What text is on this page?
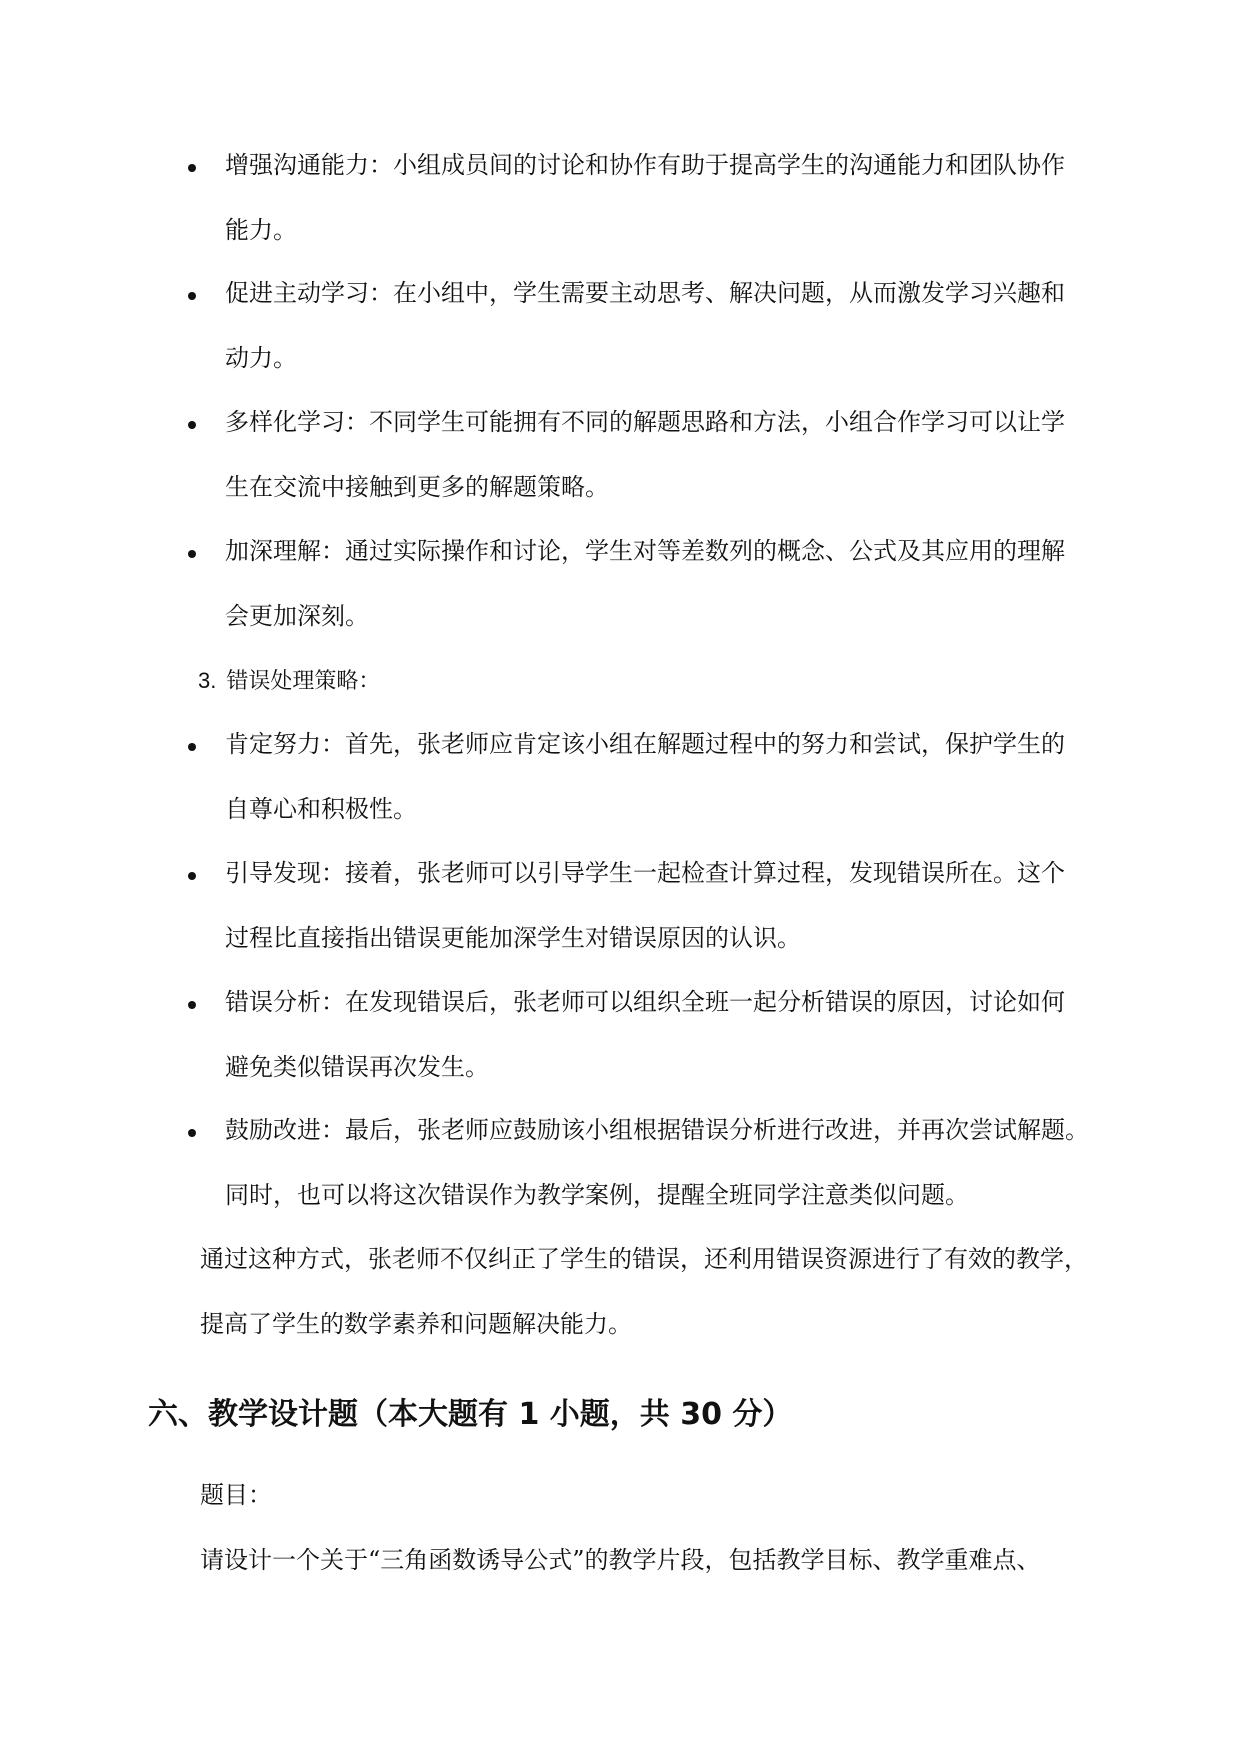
增强沟通能力：小组成员间的讨论和协作有助于提高学生的沟通能力和团队协作
能力。
促进主动学习：在小组中，学生需要主动思考、解决问题，从而激发学习兴趣和
动力。
多样化学习：不同学生可能拥有不同的解题思路和方法，小组合作学习可以让学
生在交流中接触到更多的解题策略。
加深理解：通过实际操作和讨论，学生对等差数列的概念、公式及其应用的理解
会更加深刻。
3. 错误处理策略：
肯定努力：首先，张老师应肯定该小组在解题过程中的努力和尝试，保护学生的
自尊心和积极性。
引导发现：接着，张老师可以引导学生一起检查计算过程，发现错误所在。这个
过程比直接指出错误更能加深学生对错误原因的认识。
错误分析：在发现错误后，张老师可以组织全班一起分析错误的原因，讨论如何
避免类似错误再次发生。
鼓励改进：最后，张老师应鼓励该小组根据错误分析进行改进，并再次尝试解题。
同时，也可以将这次错误作为教学案例，提醒全班同学注意类似问题。
通过这种方式，张老师不仅纠正了学生的错误，还利用错误资源进行了有效的教学，
提高了学生的数学素养和问题解决能力。
六、教学设计题（本大题有 1 小题，共 30 分）
题目：
请设计一个关于“三角函数诱导公式”的教学片段，包括教学目标、教学重难点、
